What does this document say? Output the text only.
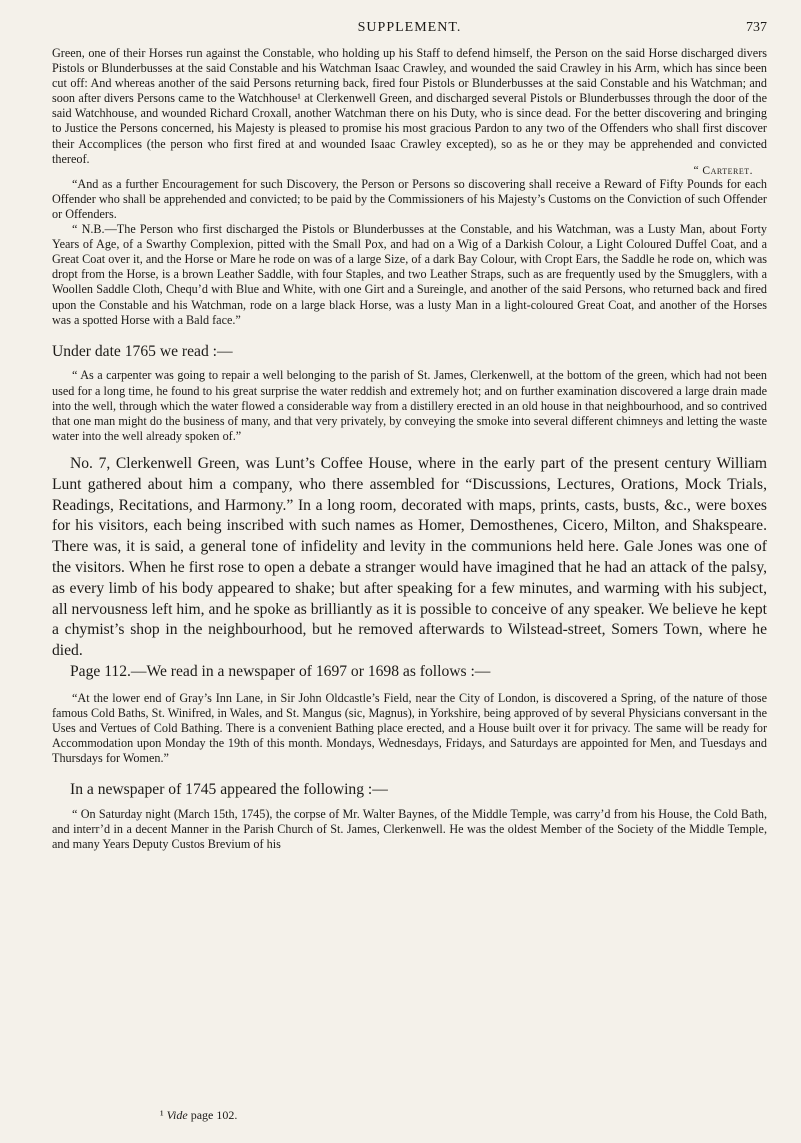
SUPPLEMENT.	737

Green, one of their Horses run against the Constable, who holding up his Staff to defend himself, the Person on the said Horse discharged divers Pistols or Blunderbusses at the said Constable and his Watchman Isaac Crawley, and wounded the said Crawley in his Arm, which has since been cut off: And whereas another of the said Persons returning back, fired four Pistols or Blunderbusses at the said Constable and his Watchman; and soon after divers Persons came to the Watchhouse¹ at Clerkenwell Green, and discharged several Pistols or Blunderbusses through the door of the said Watchhouse, and wounded Richard Croxall, another Watchman there on his Duty, who is since dead. For the better discovering and bringing to Justice the Persons concerned, his Majesty is pleased to promise his most gracious Pardon to any two of the Offenders who shall first discover their Accomplices (the person who first fired at and wounded Isaac Crawley excepted), so as he or they may be apprehended and convicted thereof.

“ Carteret.

“And as a further Encouragement for such Discovery, the Person or Persons so discovering shall receive a Reward of Fifty Pounds for each Offender who shall be apprehended and convicted; to be paid by the Commissioners of his Majesty’s Customs on the Conviction of such Offender or Offenders.

“ N.B.—The Person who first discharged the Pistols or Blunderbusses at the Constable, and his Watchman, was a Lusty Man, about Forty Years of Age, of a Swarthy Complexion, pitted with the Small Pox, and had on a Wig of a Darkish Colour, a Light Coloured Duffel Coat, and a Great Coat over it, and the Horse or Mare he rode on was of a large Size, of a dark Bay Colour, with Cropt Ears, the Saddle he rode on, which was dropt from the Horse, is a brown Leather Saddle, with four Staples, and two Leather Straps, such as are frequently used by the Smugglers, with a Woollen Saddle Cloth, Chequ’d with Blue and White, with one Girt and a Sureingle, and another of the said Persons, who returned back and fired upon the Constable and his Watchman, rode on a large black Horse, was a lusty Man in a light-coloured Great Coat, and another of the Horses was a spotted Horse with a Bald face.”

Under date 1765 we read :—

“ As a carpenter was going to repair a well belonging to the parish of St. James, Clerkenwell, at the bottom of the green, which had not been used for a long time, he found to his great surprise the water reddish and extremely hot; and on further examination discovered a large drain made into the well, through which the water flowed a considerable way from a distillery erected in an old house in that neighbourhood, and so contrived that one man might do the business of many, and that very privately, by conveying the smoke into several different chimneys and letting the waste water into the well already spoken of.”

No. 7, Clerkenwell Green, was Lunt’s Coffee House, where in the early part of the present century William Lunt gathered about him a company, who there assembled for “Discussions, Lectures, Orations, Mock Trials, Readings, Recitations, and Harmony.” In a long room, decorated with maps, prints, casts, busts, &c., were boxes for his visitors, each being inscribed with such names as Homer, Demosthenes, Cicero, Milton, and Shakspeare. There was, it is said, a general tone of infidelity and levity in the communions held here. Gale Jones was one of the visitors. When he first rose to open a debate a stranger would have imagined that he had an attack of the palsy, as every limb of his body appeared to shake; but after speaking for a few minutes, and warming with his subject, all nervousness left him, and he spoke as brilliantly as it is possible to conceive of any speaker. We believe he kept a chymist’s shop in the neighbourhood, but he removed afterwards to Wilstead-street, Somers Town, where he died.

Page 112.—We read in a newspaper of 1697 or 1698 as follows :—

“At the lower end of Gray’s Inn Lane, in Sir John Oldcastle’s Field, near the City of London, is discovered a Spring, of the nature of those famous Cold Baths, St. Winifred, in Wales, and St. Mangus (sic, Magnus), in Yorkshire, being approved of by several Physicians conversant in the Uses and Vertues of Cold Bathing. There is a convenient Bathing place erected, and a House built over it for privacy. The same will be ready for Accommodation upon Monday the 19th of this month. Mondays, Wednesdays, Fridays, and Saturdays are appointed for Men, and Tuesdays and Thursdays for Women.”

In a newspaper of 1745 appeared the following :—

“ On Saturday night (March 15th, 1745), the corpse of Mr. Walter Baynes, of the Middle Temple, was carry’d from his House, the Cold Bath, and interr’d in a decent Manner in the Parish Church of St. James, Clerkenwell. He was the oldest Member of the Society of the Middle Temple, and many Years Deputy Custos Brevium of his

¹ Vide page 102.
